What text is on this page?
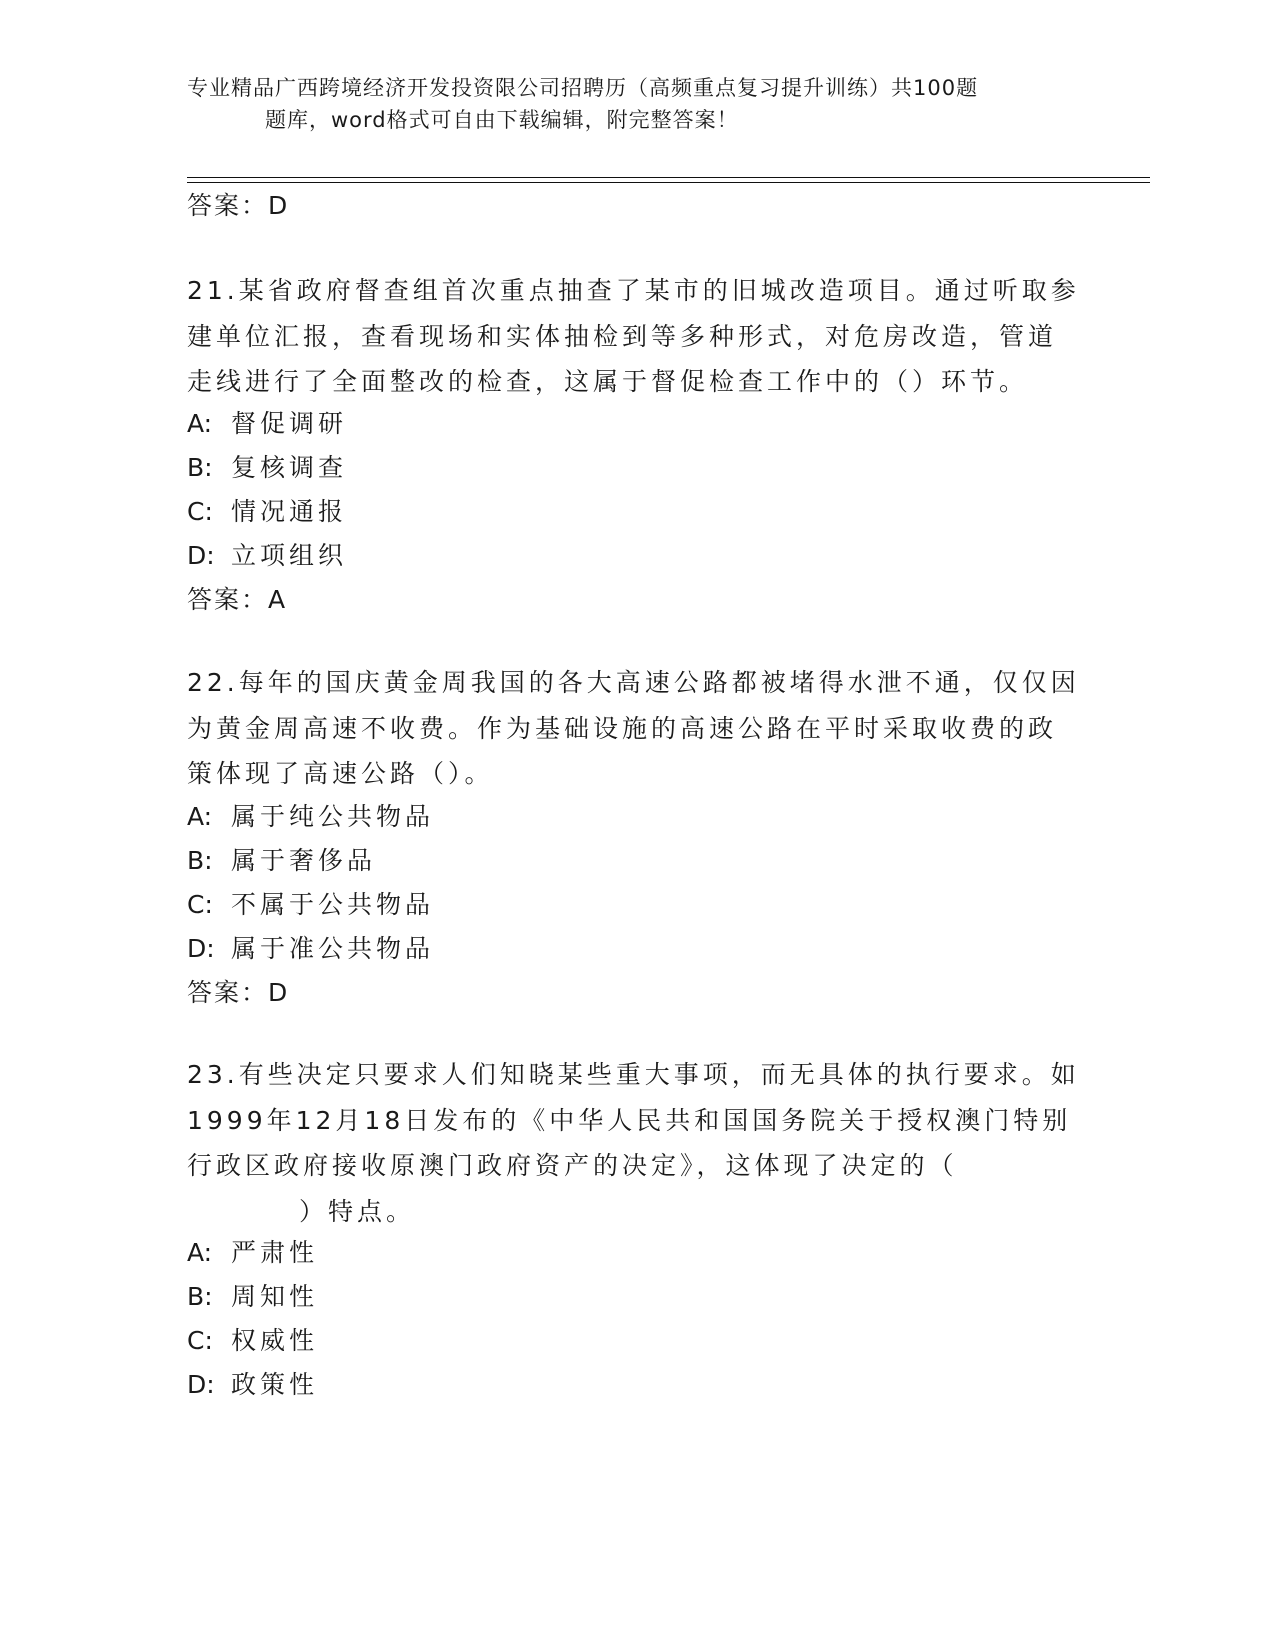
专业精品广西跨境经济开发投资限公司招聘历（高频重点复习提升训练）共100题
题库，word格式可自由下载编辑，附完整答案！
答案：D
21.某省政府督查组首次重点抽查了某市的旧城改造项目。通过听取参
建单位汇报，查看现场和实体抽检到等多种形式，对危房改造，管道
走线进行了全面整改的检查，这属于督促检查工作中的（）环节。
A: 督促调研
B: 复核调查
C: 情况通报
D: 立项组织
答案：A
22.每年的国庆黄金周我国的各大高速公路都被堵得水泄不通，仅仅因
为黄金周高速不收费。作为基础设施的高速公路在平时采取收费的政
策体现了高速公路（）。
A: 属于纯公共物品
B: 属于奢侈品
C: 不属于公共物品
D: 属于准公共物品
答案：D
23.有些决定只要求人们知晓某些重大事项，而无具体的执行要求。如
1999年12月18日发布的《中华人民共和国国务院关于授权澳门特别
行政区政府接收原澳门政府资产的决定》，这体现了决定的（
）特点。
A: 严肃性
B: 周知性
C: 权威性
D: 政策性
